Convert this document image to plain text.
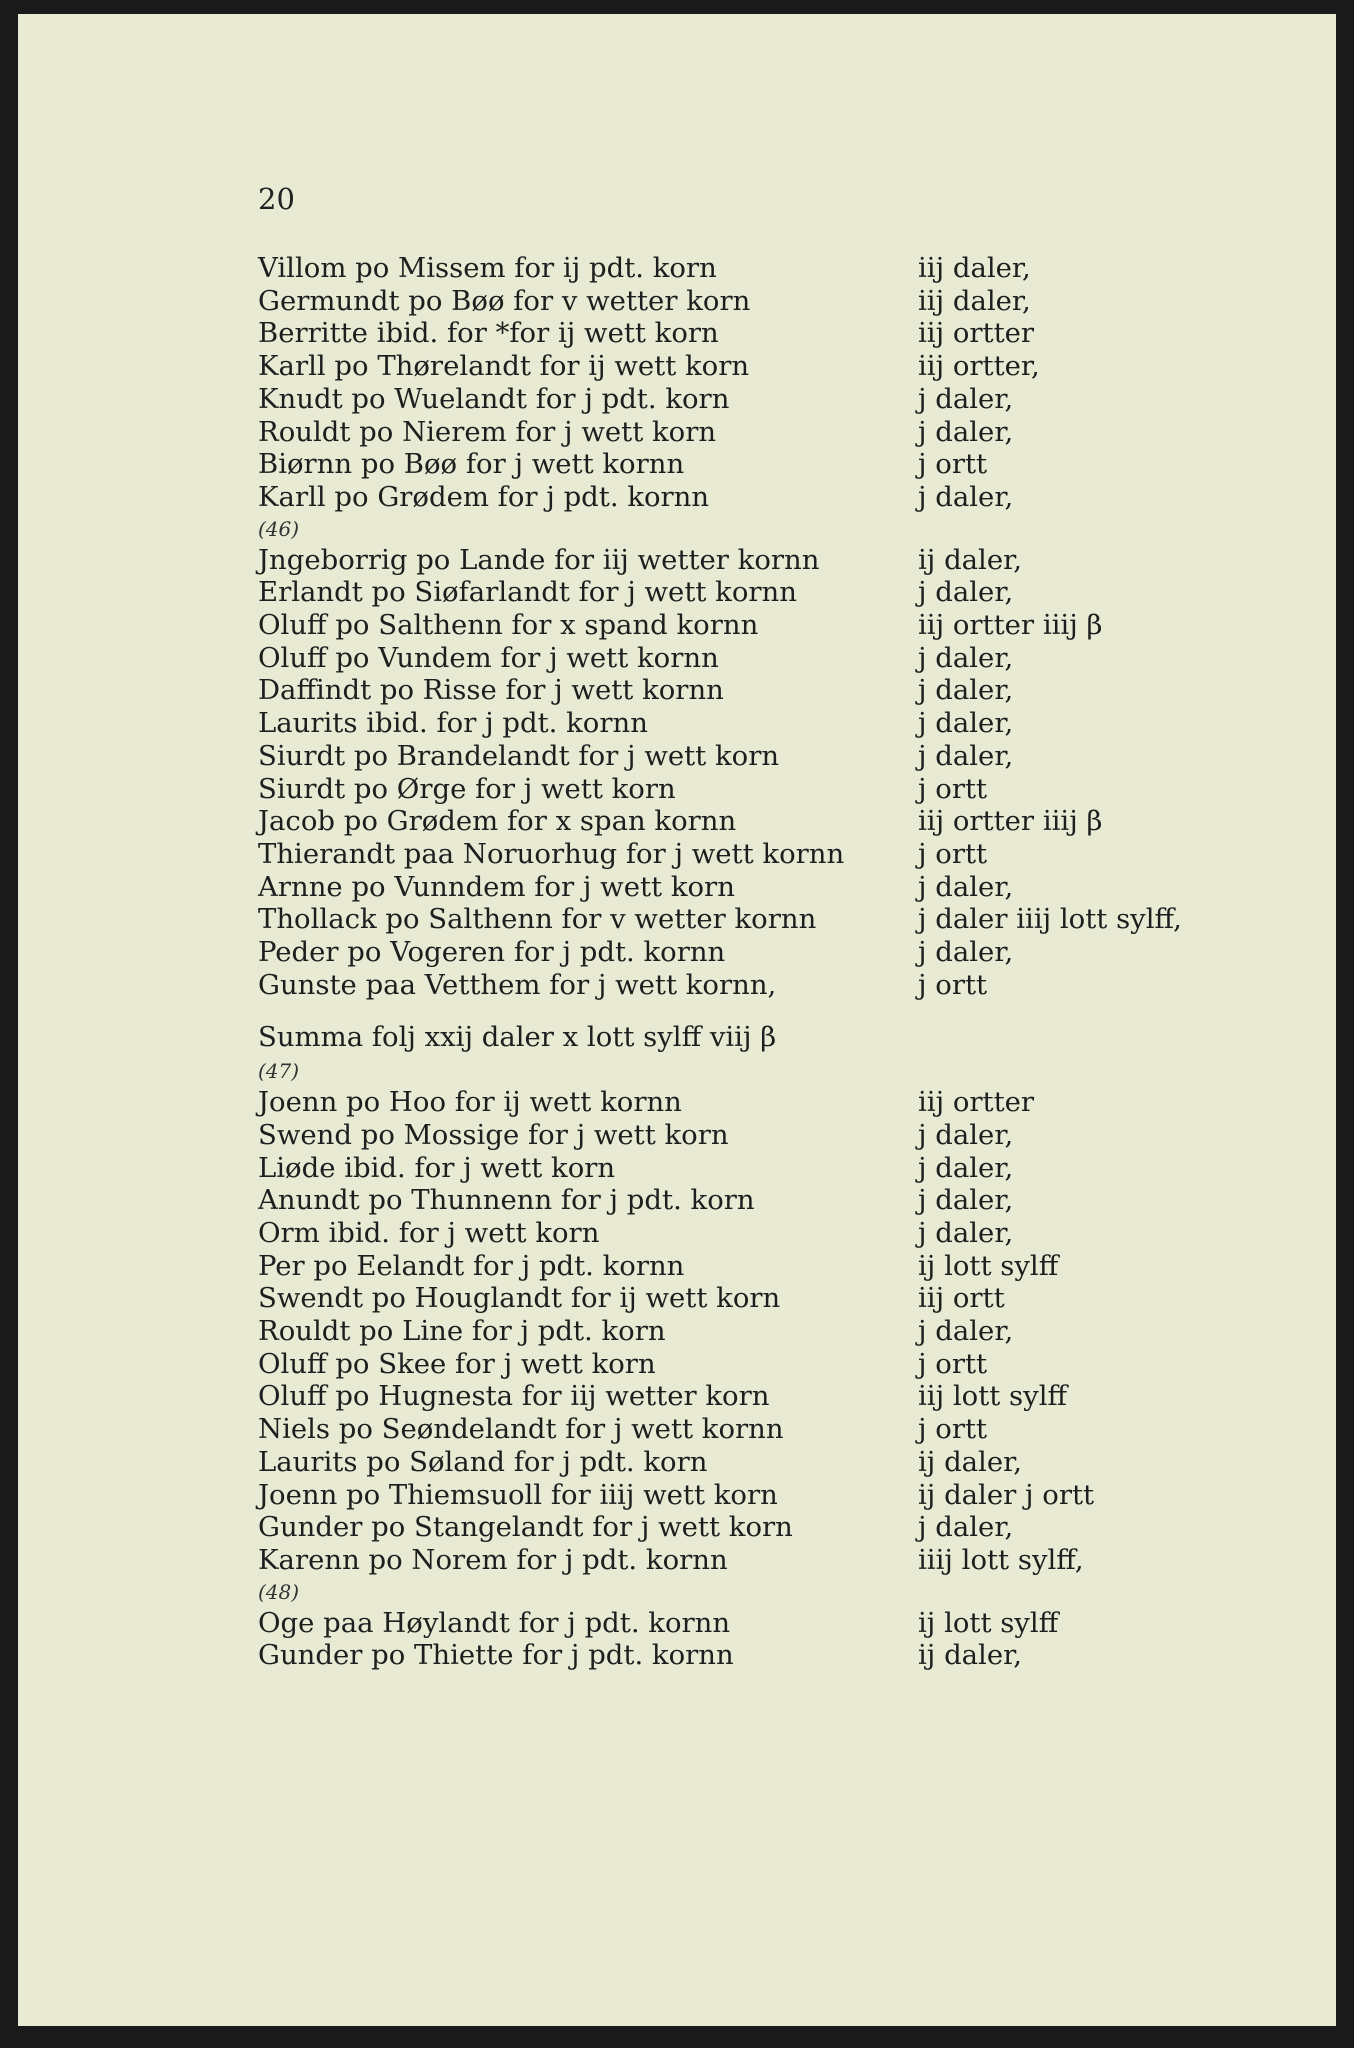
20
Villom po Missem for ij pdt. korn	iij daler,
Germundt po Bøø for v wetter korn	iij daler,
Berritte ibid. for *for ij wett korn	iij ortter
Karll po Thørelandt for ij wett korn	iij ortter,
Knudt po Wuelandt for j pdt. korn	j daler,
Rouldt po Nierem for j wett korn	j daler,
Biørnn po Bøø for j wett kornn	j ortt
Karll po Grødem for j pdt. kornn	j daler,
(46)
Jngeborrig po Lande for iij wetter kornn	ij daler,
Erlandt po Siøfarlandt for j wett kornn	j daler,
Oluff po Salthenn for x spand kornn	iij ortter iiij β
Oluff po Vundem for j wett kornn	j daler,
Daffindt po Risse for j wett kornn	j daler,
Laurits ibid. for j pdt. kornn	j daler,
Siurdt po Brandelandt for j wett korn	j daler,
Siurdt po Ørge for j wett korn	j ortt
Jacob po Grødem for x span kornn	iij ortter iiij β
Thierandt paa Noruorhug for j wett kornn	j ortt
Arnne po Vunndem for j wett korn	j daler,
Thollack po Salthenn for v wetter kornn	j daler iiij lott sylff,
Peder po Vogeren for j pdt. kornn	j daler,
Gunste paa Vetthem for j wett kornn,	j ortt
Summa folj xxij daler x lott sylff viij β
(47)
Joenn po Hoo for ij wett kornn	iij ortter
Swend po Mossige for j wett korn	j daler,
Liøde ibid. for j wett korn	j daler,
Anundt po Thunnenn for j pdt. korn	j daler,
Orm ibid. for j wett korn	j daler,
Per po Eelandt for j pdt. kornn	ij lott sylff
Swendt po Houglandt for ij wett korn	iij ortt
Rouldt po Line for j pdt. korn	j daler,
Oluff po Skee for j wett korn	j ortt
Oluff po Hugnesta for iij wetter korn	iij lott sylff
Niels po Seøndelandt for j wett kornn	j ortt
Laurits po Søland for j pdt. korn	ij daler,
Joenn po Thiemsuoll for iiij wett korn	ij daler j ortt
Gunder po Stangelandt for j wett korn	j daler,
Karenn po Norem for j pdt. kornn	iiij lott sylff,
(48)
Oge paa Høylandt for j pdt. kornn	ij lott sylff
Gunder po Thiette for j pdt. kornn	ij daler,
